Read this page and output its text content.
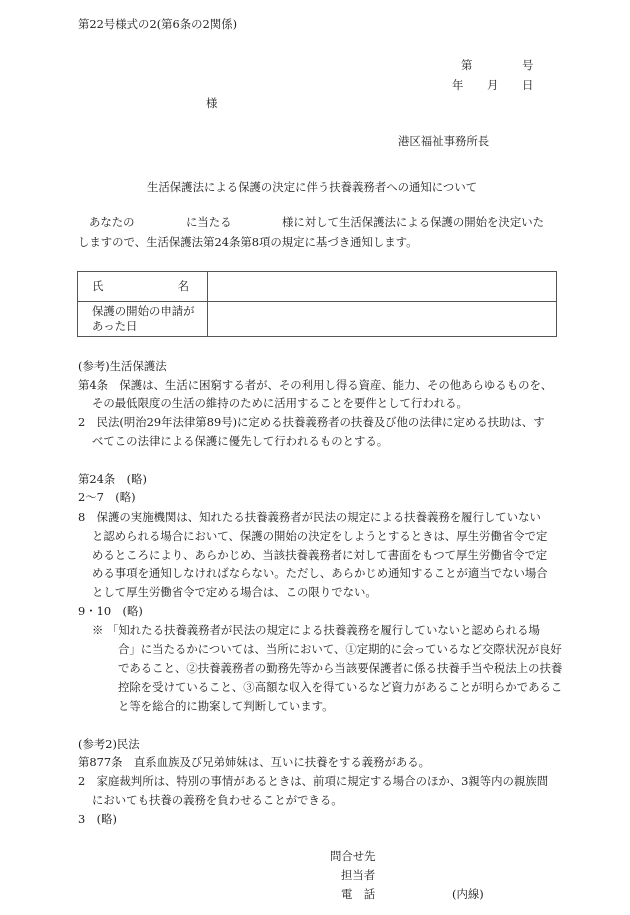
第22号様式の2(第6条の2関係)
第	号
年 月 日
様
港区福祉事務所長
生活保護法による保護の決定に伴う扶養義務者への通知について
あなたの	に当たる	様に対して生活保護法による保護の開始を決定いた
しますので、生活保護法第24条第8項の規定に基づき通知します。
氏 名	

保護の開始の申請があった日	

(参考)生活保護法
第4条　保護は、生活に困窮する者が、その利用し得る資産、能力、その他あらゆるものを、
その最低限度の生活の維持のために活用することを要件として行われる。
2　民法(明治29年法律第89号)に定める扶養義務者の扶養及び他の法律に定める扶助は、す
べてこの法律による保護に優先して行われるものとする。
第24条　(略)
2〜7　(略)
8　保護の実施機関は、知れたる扶養義務者が民法の規定による扶養義務を履行していない
と認められる場合において、保護の開始の決定をしようとするときは、厚生労働省令で定
めるところにより、あらかじめ、当該扶養義務者に対して書面をもつて厚生労働省令で定
める事項を通知しなければならない。ただし、あらかじめ通知することが適当でない場合
として厚生労働省令で定める場合は、この限りでない。
9・10　(略)
※ 「知れたる扶養義務者が民法の規定による扶養義務を履行していないと認められる場
合」に当たるかについては、当所において、①定期的に会っているなど交際状況が良好
であること、②扶養義務者の勤務先等から当該要保護者に係る扶養手当や税法上の扶養
控除を受けていること、③高額な収入を得ているなど資力があることが明らかであるこ
と等を総合的に勘案して判断しています。
(参考2)民法
第877条　直系血族及び兄弟姉妹は、互いに扶養をする義務がある。
2　家庭裁判所は、特別の事情があるときは、前項に規定する場合のほか、3親等内の親族間
においても扶養の義務を負わせることができる。
3　(略)
問合せ先
担当者
電　話	(内線)
